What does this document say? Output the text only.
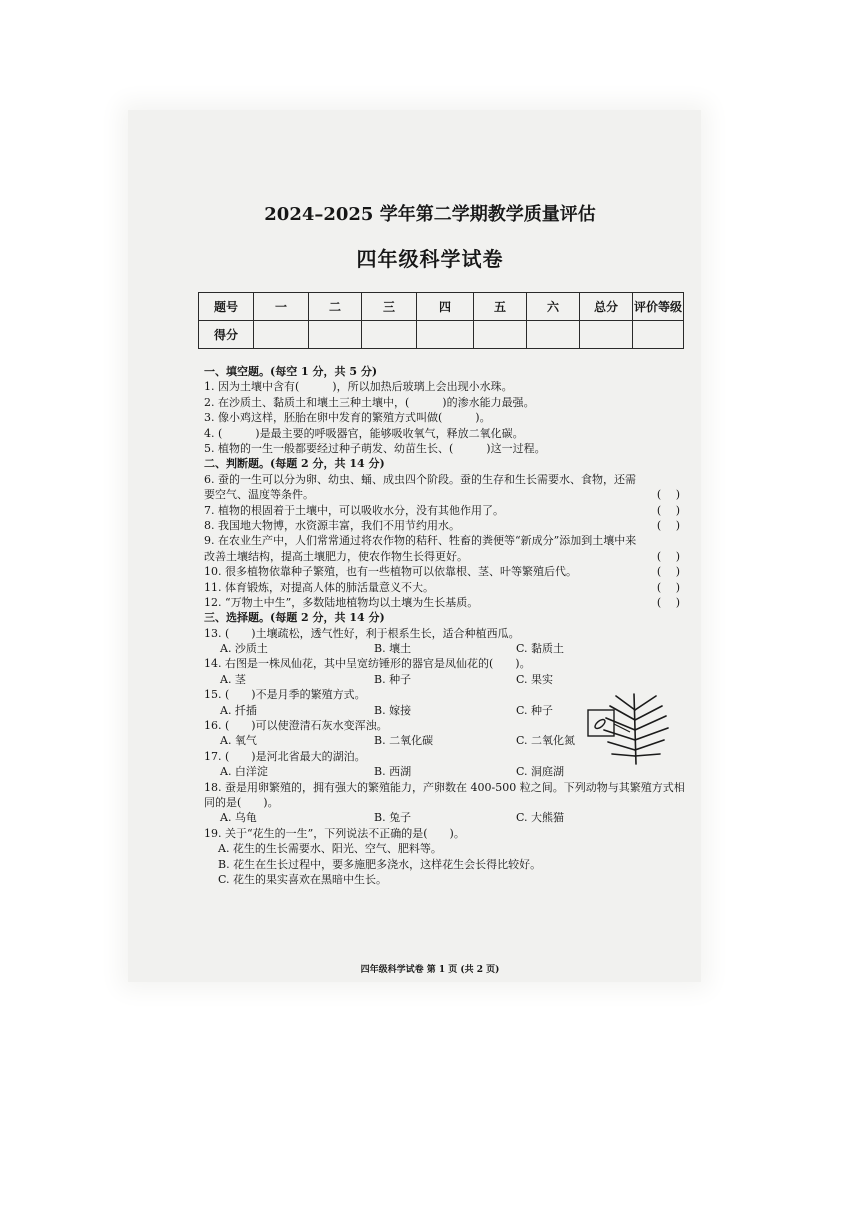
2024–2025 学年第二学期教学质量评估
四年级科学试卷
题号	一	二	三	四	五	六	总分	评价等级
得分								
一、填空题。(每空 1 分，共 5 分)
1. 因为土壤中含有(　　　)，所以加热后玻璃上会出现小水珠。
2. 在沙质土、黏质土和壤土三种土壤中，(　　　)的渗水能力最强。
3. 像小鸡这样，胚胎在卵中发育的繁殖方式叫做(　　　)。
4. (　　　)是最主要的呼吸器官，能够吸收氧气，释放二氧化碳。
5. 植物的一生一般都要经过种子萌发、幼苗生长、(　　　)这一过程。
二、判断题。(每题 2 分，共 14 分)
6. 蚕的一生可以分为卵、幼虫、蛹、成虫四个阶段。蚕的生存和生长需要水、食物，还需要空气、温度等条件。	(　 )
7. 植物的根固着于土壤中，可以吸收水分，没有其他作用了。	(　 )
8. 我国地大物博，水资源丰富，我们不用节约用水。	(　 )
9. 在农业生产中，人们常常通过将农作物的秸秆、牲畜的粪便等“新成分”添加到土壤中来改善土壤结构，提高土壤肥力，使农作物生长得更好。	(　 )
10. 很多植物依靠种子繁殖，也有一些植物可以依靠根、茎、叶等繁殖后代。	(　 )
11. 体育锻炼，对提高人体的肺活量意义不大。	(　 )
12. “万物土中生”，多数陆地植物均以土壤为生长基质。	(　 )
三、选择题。(每题 2 分，共 14 分)
13. (　　)土壤疏松，透气性好，利于根系生长，适合种植西瓜。
A. 沙质土	B. 壤土	C. 黏质土
14. 右图是一株凤仙花，其中呈宽纺锤形的器官是凤仙花的(　　)。
A. 茎	B. 种子	C. 果实
15. (　　)不是月季的繁殖方式。
A. 扦插	B. 嫁接	C. 种子
16. (　　)可以使澄清石灰水变浑浊。
A. 氧气	B. 二氧化碳	C. 二氧化氮
17. (　　)是河北省最大的湖泊。
A. 白洋淀	B. 西湖	C. 洞庭湖
18. 蚕是用卵繁殖的，拥有强大的繁殖能力，产卵数在 400-500 粒之间。下列动物与其繁殖方式相同的是(　　)。
A. 乌龟	B. 兔子	C. 大熊猫
19. 关于“花生的一生”，下列说法不正确的是(　　)。
A. 花生的生长需要水、阳光、空气、肥料等。
B. 花生在生长过程中，要多施肥多浇水，这样花生会长得比较好。
C. 花生的果实喜欢在黑暗中生长。
四年级科学试卷 第 1 页 (共 2 页)
